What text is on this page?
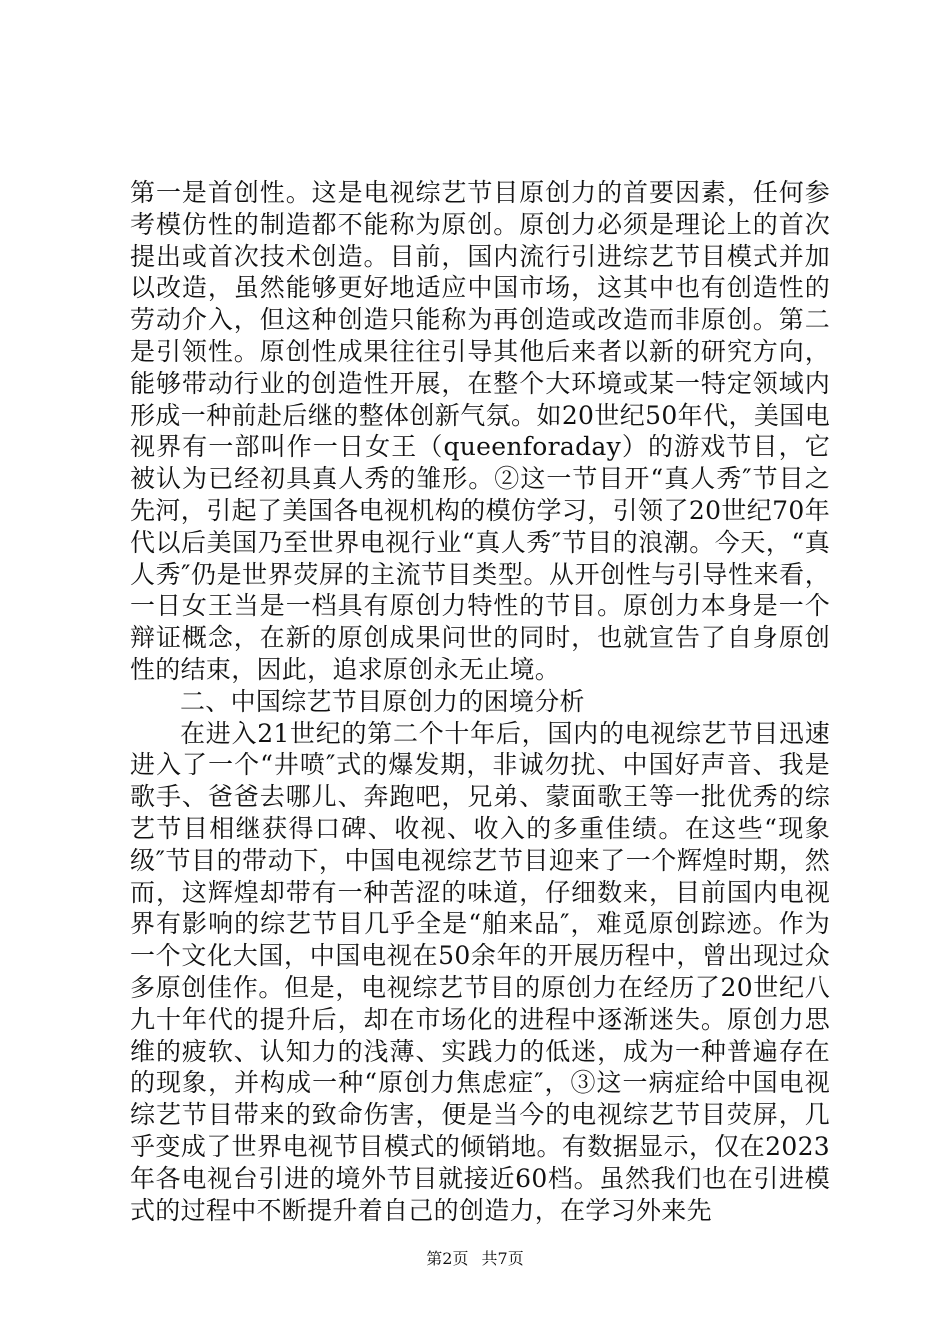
第一是首创性。这是电视综艺节目原创力的首要因素，任何参考模仿性的制造都不能称为原创。原创力必须是理论上的首次提出或首次技术创造。目前，国内流行引进综艺节目模式并加以改造，虽然能够更好地适应中国市场，这其中也有创造性的劳动介入，但这种创造只能称为再创造或改造而非原创。第二是引领性。原创性成果往往引导其他后来者以新的研究方向，能够带动行业的创造性开展，在整个大环境或某一特定领域内形成一种前赴后继的整体创新气氛。如20世纪50年代，美国电视界有一部叫作一日女王（queenforaday）的游戏节目，它被认为已经初具真人秀的雏形。②这一节目开“真人秀″节目之先河，引起了美国各电视机构的模仿学习，引领了20世纪70年代以后美国乃至世界电视行业“真人秀″节目的浪潮。今天，“真人秀″仍是世界荧屏的主流节目类型。从开创性与引导性来看，一日女王当是一档具有原创力特性的节目。原创力本身是一个辩证概念，在新的原创成果问世的同时，也就宣告了自身原创性的结束，因此，追求原创永无止境。

二、中国综艺节目原创力的困境分析

在进入21世纪的第二个十年后，国内的电视综艺节目迅速进入了一个“井喷″式的爆发期，非诚勿扰、中国好声音、我是歌手、爸爸去哪儿、奔跑吧，兄弟、蒙面歌王等一批优秀的综艺节目相继获得口碑、收视、收入的多重佳绩。在这些“现象级″节目的带动下，中国电视综艺节目迎来了一个辉煌时期，然而，这辉煌却带有一种苦涩的味道，仔细数来，目前国内电视界有影响的综艺节目几乎全是“舶来品″，难觅原创踪迹。作为一个文化大国，中国电视在50余年的开展历程中，曾出现过众多原创佳作。但是，电视综艺节目的原创力在经历了20世纪八九十年代的提升后，却在市场化的进程中逐渐迷失。原创力思维的疲软、认知力的浅薄、实践力的低迷，成为一种普遍存在的现象，并构成一种“原创力焦虑症″，③这一病症给中国电视综艺节目带来的致命伤害，便是当今的电视综艺节目荧屏，几乎变成了世界电视节目模式的倾销地。有数据显示，仅在2023年各电视台引进的境外节目就接近60档。虽然我们也在引进模式的过程中不断提升着自己的创造力，在学习外来先

第2页 共7页
